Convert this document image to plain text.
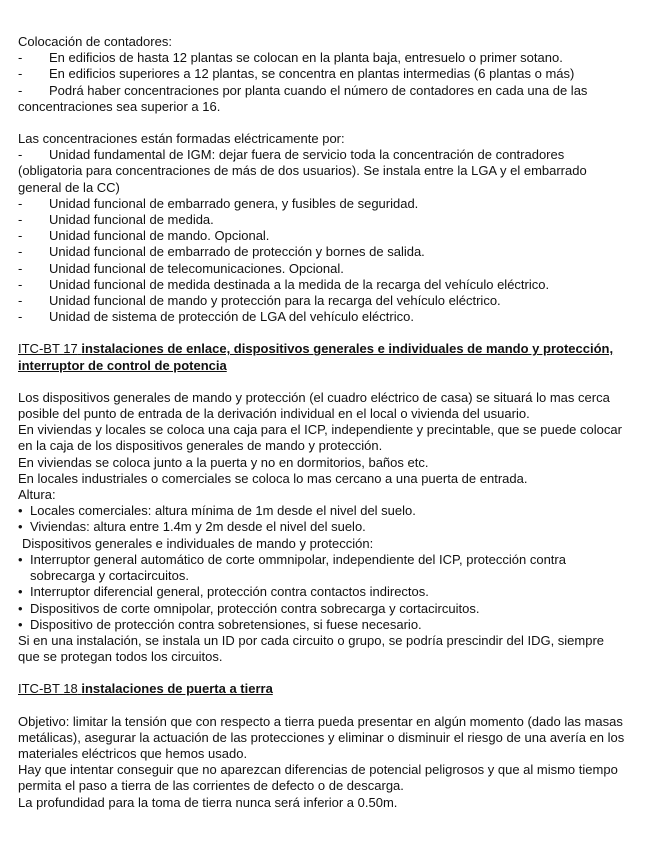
Colocación de contadores:

-	En edificios de hasta 12 plantas se colocan en la planta baja, entresuelo o primer sotano.
-	En edificios superiores a 12 plantas, se concentra en plantas intermedias (6 plantas o más)

- Podrá haber concentraciones por planta cuando el número de contadores en cada una de las concentraciones sea superior a 16.

Las concentraciones están formadas eléctricamente por:

- Unidad fundamental de IGM: dejar fuera de servicio toda la concentración de contradores (obligatoria para concentraciones de más de dos usuarios). Se instala entre la LGA y el embarrado general de la CC)

-	Unidad funcional de embarrado genera, y fusibles de seguridad.
-	Unidad funcional de medida.
-	Unidad funcional de mando. Opcional.
-	Unidad funcional de embarrado de protección y bornes de salida.
-	Unidad funcional de telecomunicaciones. Opcional.
-	Unidad funcional de medida destinada a la medida de la recarga del vehículo eléctrico.
-	Unidad funcional de mando y protección para la recarga del vehículo eléctrico.
-	Unidad de sistema de protección de LGA del vehículo eléctrico.

ITC-BT 17 instalaciones de enlace, dispositivos generales e individuales de mando y protección, interruptor de control de potencia

Los dispositivos generales de mando y protección (el cuadro eléctrico de casa) se situará lo mas cerca posible del punto de entrada de la derivación individual en el local o vivienda del usuario.

En viviendas y locales se coloca una caja para el ICP, independiente y precintable, que se puede colocar en la caja de los dispositivos generales de mando y protección.

En viviendas se coloca junto a la puerta y no en dormitorios, baños etc.

En locales industriales o comerciales se coloca lo mas cercano a una puerta de entrada.

Altura:

• Locales comerciales: altura mínima de 1m desde el nivel del suelo.
• Viviendas: altura entre 1.4m y 2m desde el nivel del suelo.

Dispositivos generales e individuales de mando y protección:

• Interruptor general automático de corte ommnipolar, independiente del ICP, protección contra sobrecarga y cortacircuitos.
• Interruptor diferencial general, protección contra contactos indirectos.
• Dispositivos de corte omnipolar, protección contra sobrecarga y cortacircuitos.
• Dispositivo de protección contra sobretensiones, si fuese necesario.

Si en una instalación, se instala un ID por cada circuito o grupo, se podría prescindir del IDG, siempre que se protegan todos los circuitos.

ITC-BT 18 instalaciones de puerta a tierra

Objetivo: limitar la tensión que con respecto a tierra pueda presentar en algún momento (dado las masas metálicas), asegurar la actuación de las protecciones y eliminar o disminuir el riesgo de una avería en los materiales eléctricos que hemos usado.

Hay que intentar conseguir que no aparezcan diferencias de potencial peligrosos y que al mismo tiempo permita el paso a tierra de las corrientes de defecto o de descarga.

La profundidad para la toma de tierra nunca será inferior a 0.50m.
